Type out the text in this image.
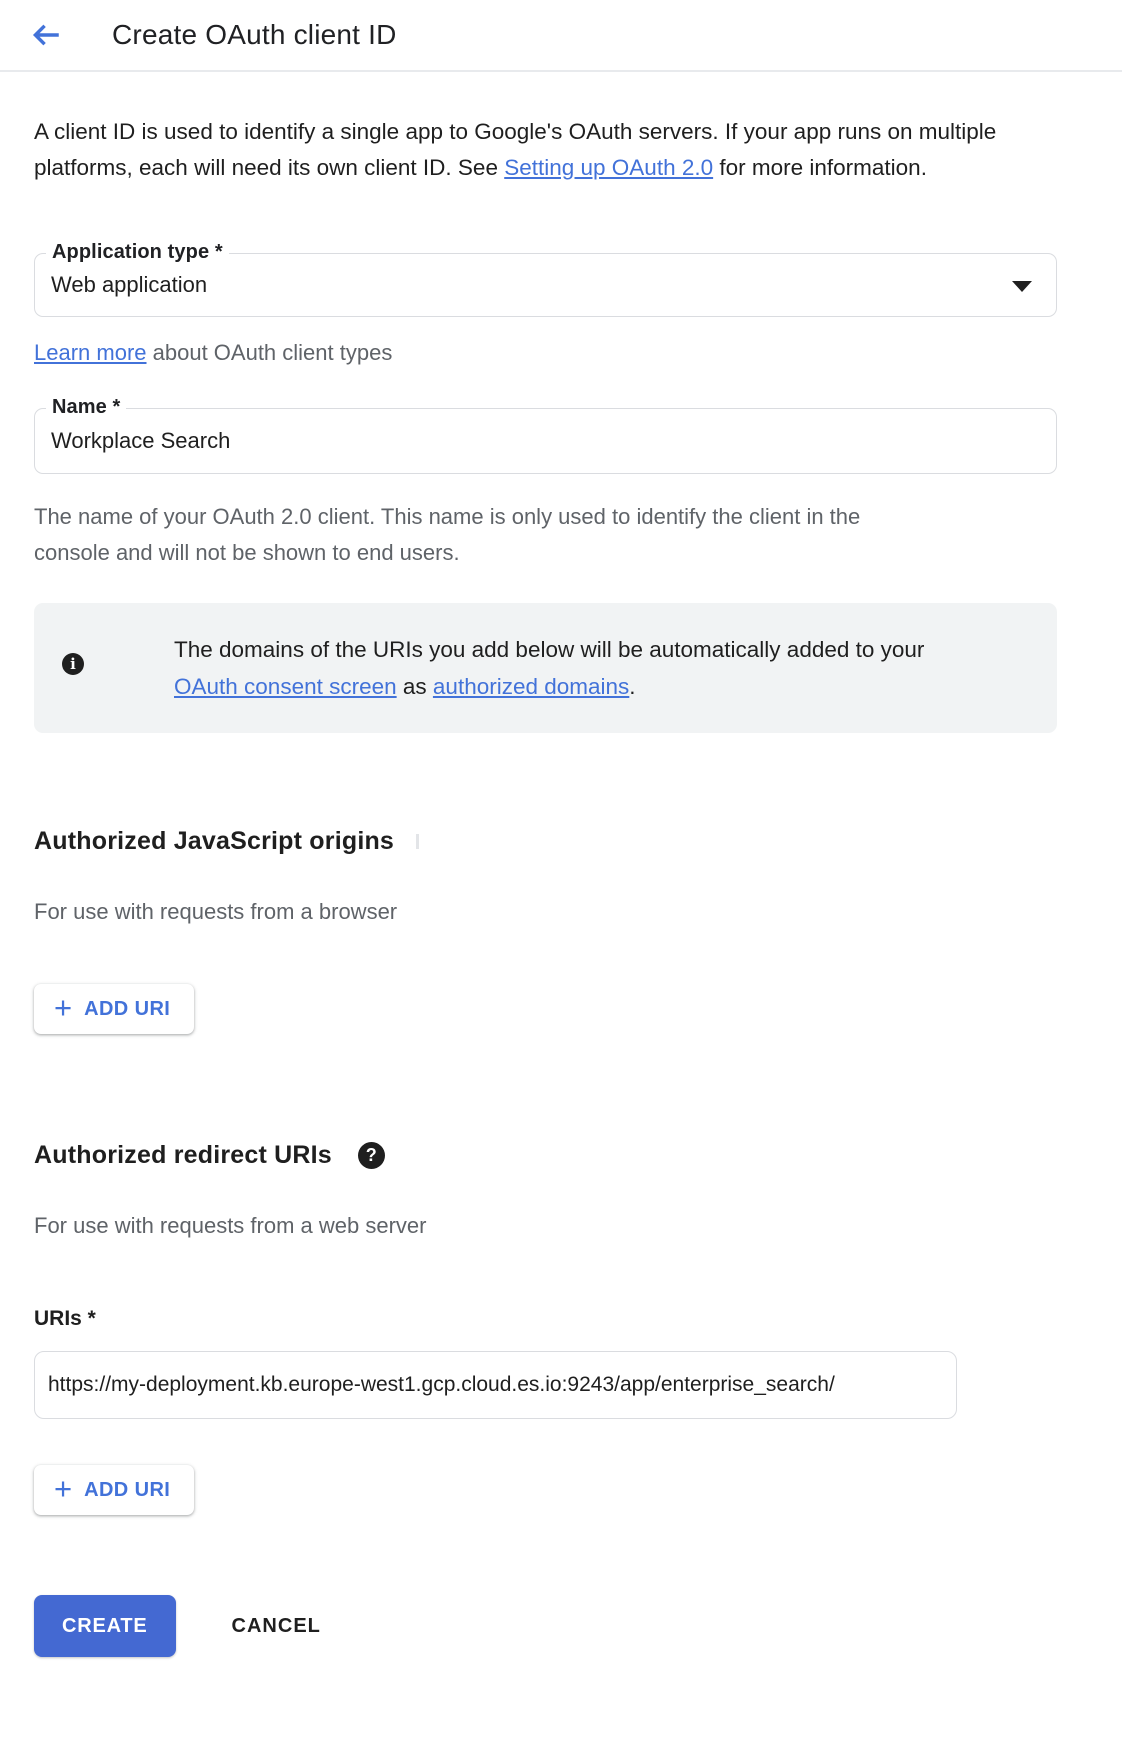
Create OAuth client ID

A client ID is used to identify a single app to Google's OAuth servers. If your app runs on multiple platforms, each will need its own client ID. See Setting up OAuth 2.0 for more information.

Application type *
Web application

Learn more about OAuth client types

Name *
Workplace Search

The name of your OAuth 2.0 client. This name is only used to identify the client in the console and will not be shown to end users.

i

The domains of the URIs you add below will be automatically added to your OAuth consent screen as authorized domains.

Authorized JavaScript origins

For use with requests from a browser

+ ADD URI
Authorized redirect URIs	?

For use with requests from a web server

URIs *

https://my-deployment.kb.europe-west1.gcp.cloud.es.io:9243/app/enterprise_search/
+ ADD URI
CREATE	CANCEL
